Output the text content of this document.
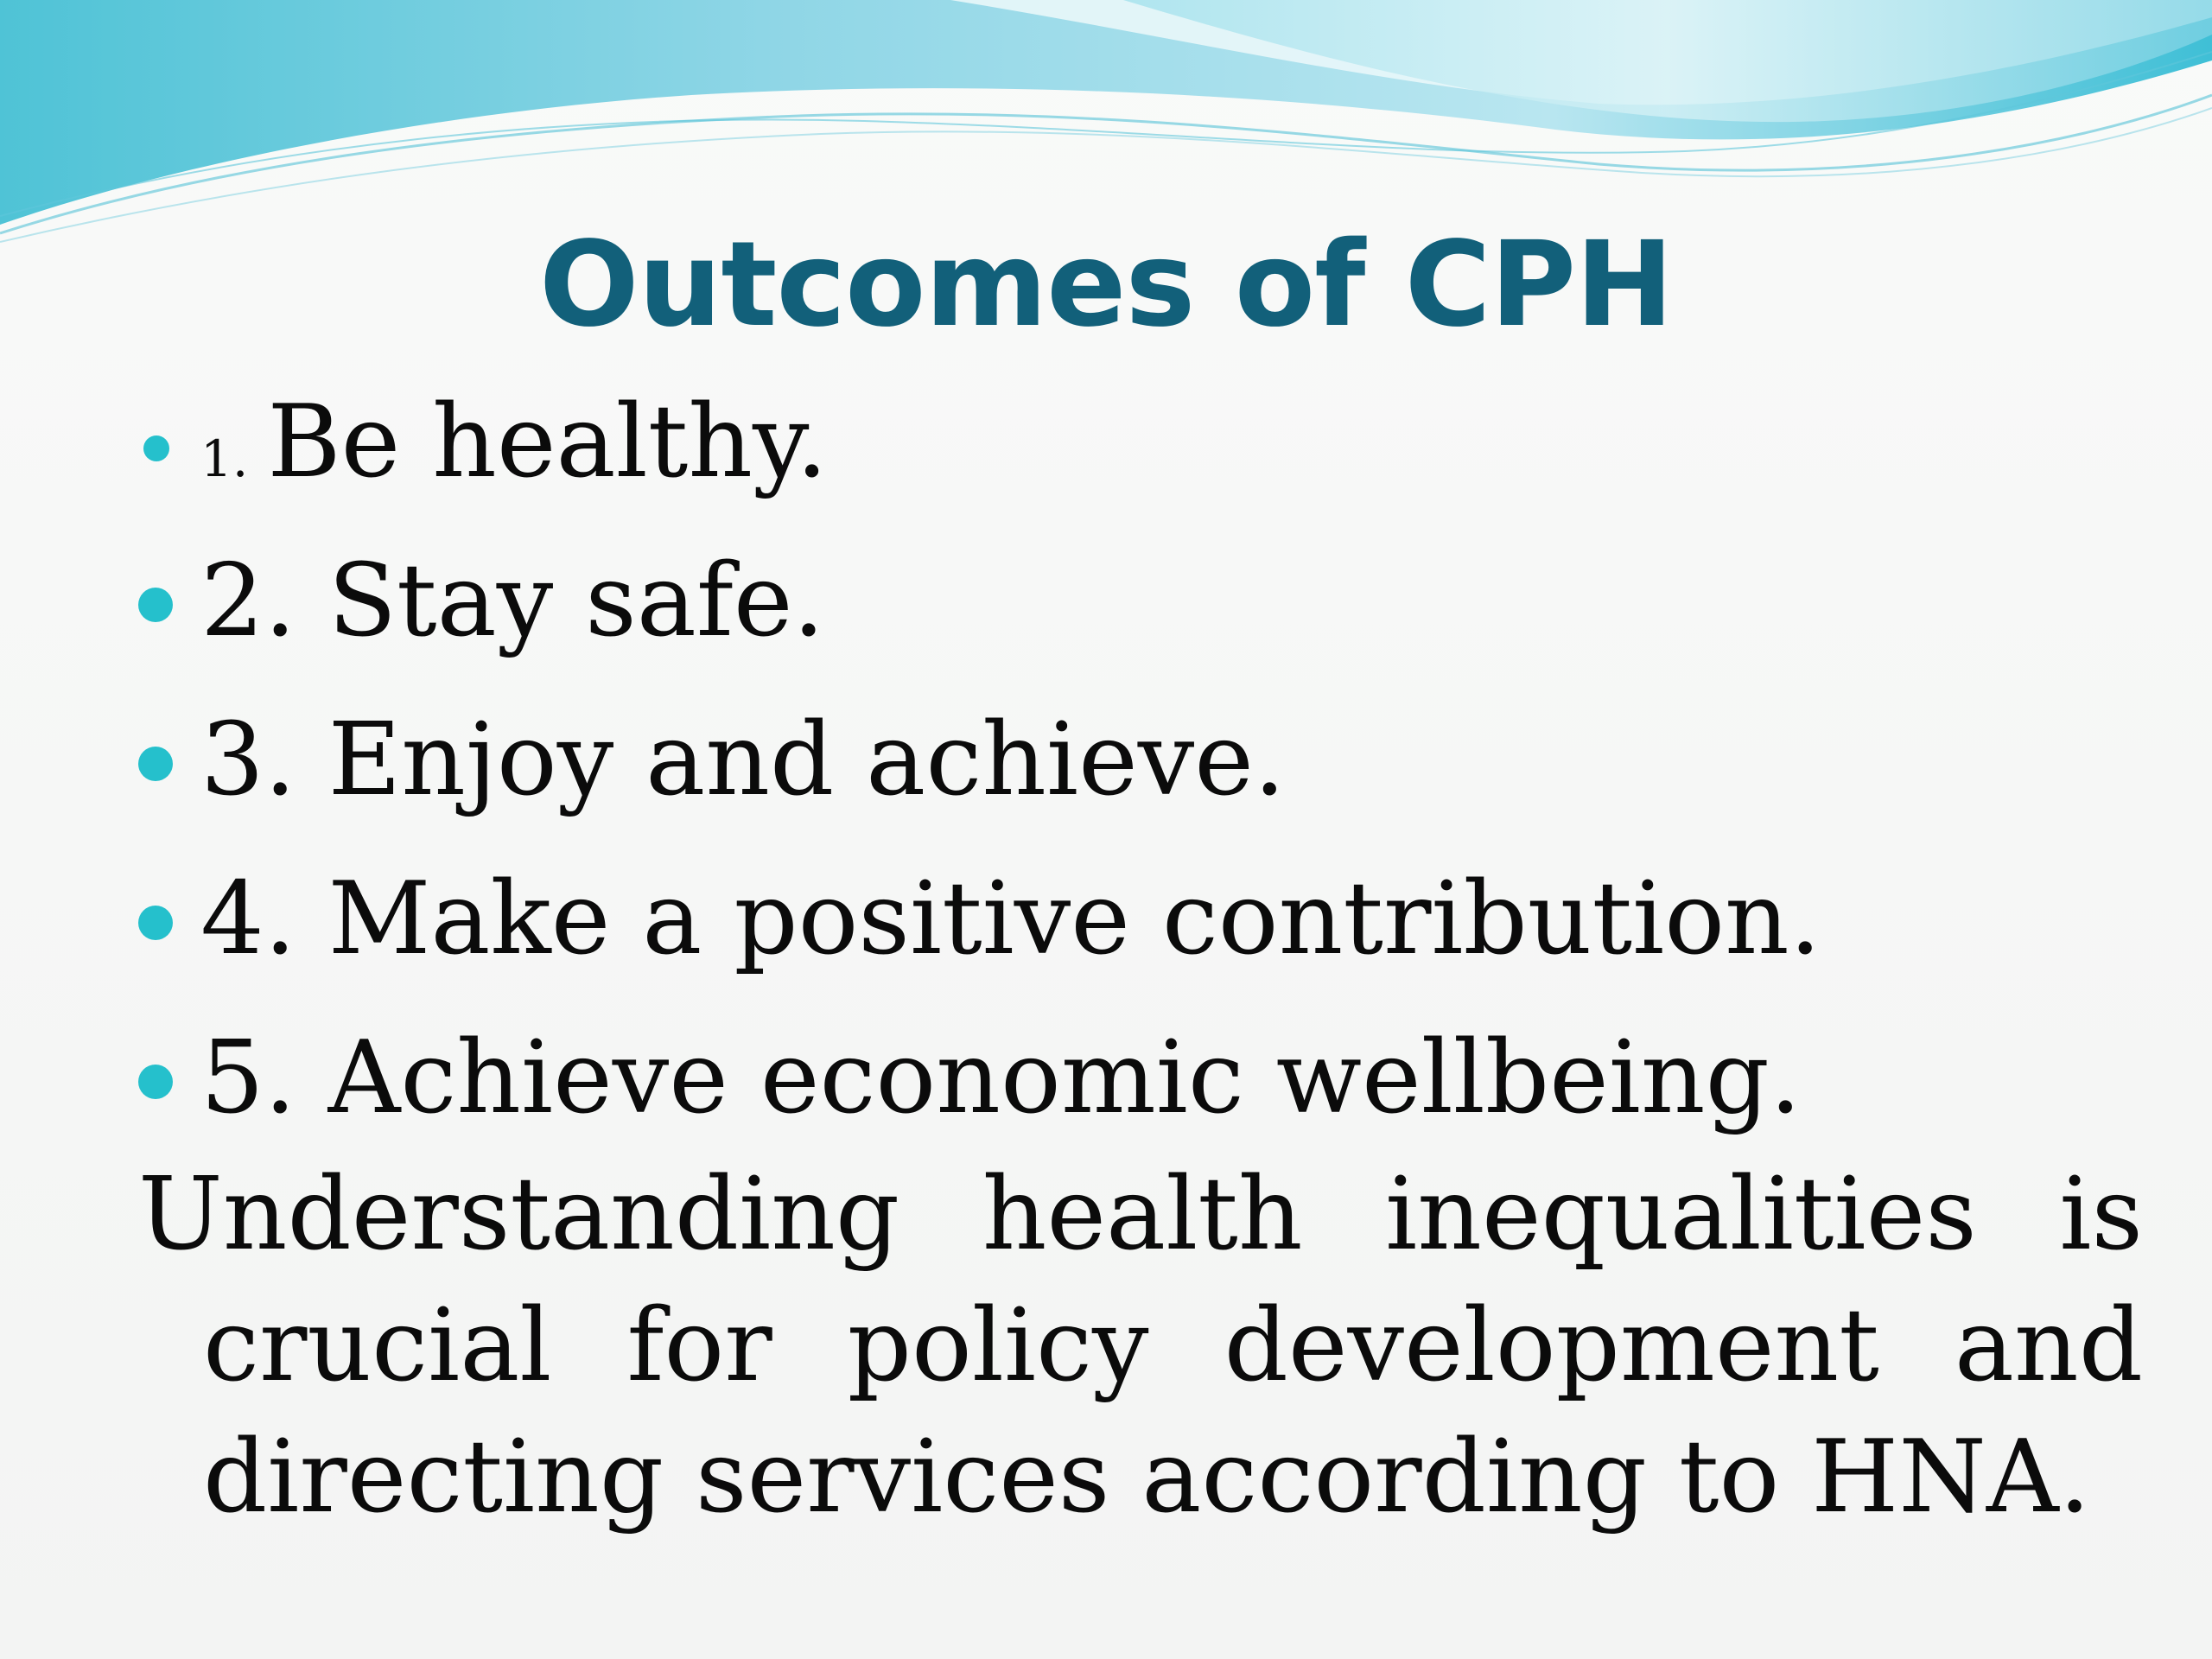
Outcomes of CPH
1. Be healthy.
2. Stay safe.
3. Enjoy and achieve.
4. Make a positive contribution.
5. Achieve economic wellbeing.

Understanding health inequalities is crucial for policy development and directing services according to HNA.
